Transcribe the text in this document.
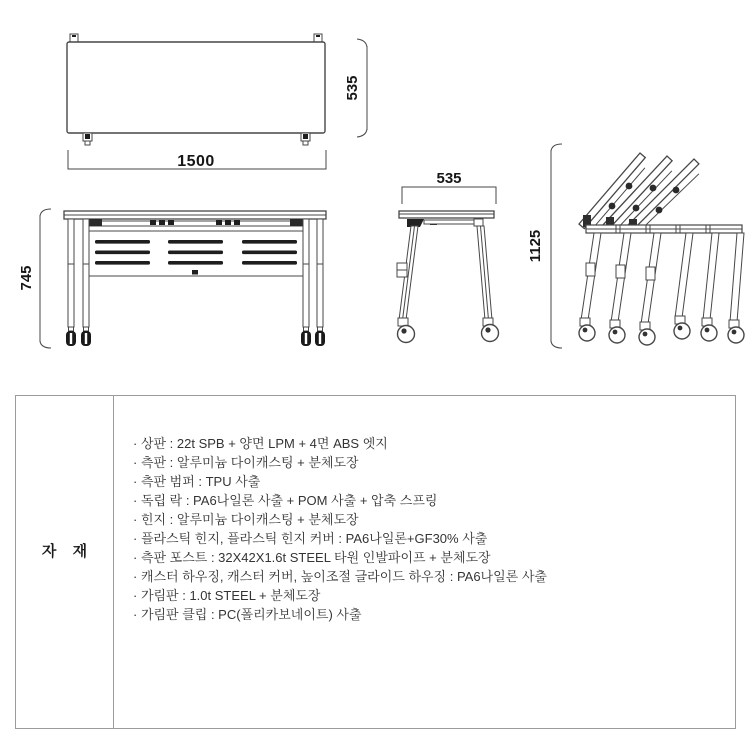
1500
535
745
535
1125
자 재
· 상판 : 22t SPB + 양면 LPM + 4면 ABS 엣지
· 측판 : 알루미늄 다이캐스팅 + 분체도장
· 측판 범퍼 : TPU 사출
· 독립 락 : PA6나일론 사출 + POM 사출 + 압축 스프링
· 힌지 : 알루미늄 다이캐스팅 + 분체도장
· 플라스틱 힌지, 플라스틱 힌지 커버 : PA6나일론+GF30% 사출
· 측판 포스트 : 32X42X1.6t STEEL 타원 인발파이프 + 분체도장
· 캐스터 하우징, 캐스터 커버, 높이조절 글라이드 하우징 : PA6나일론 사출
· 가림판 : 1.0t STEEL + 분체도장
· 가림판 클립 : PC(폴리카보네이트) 사출
